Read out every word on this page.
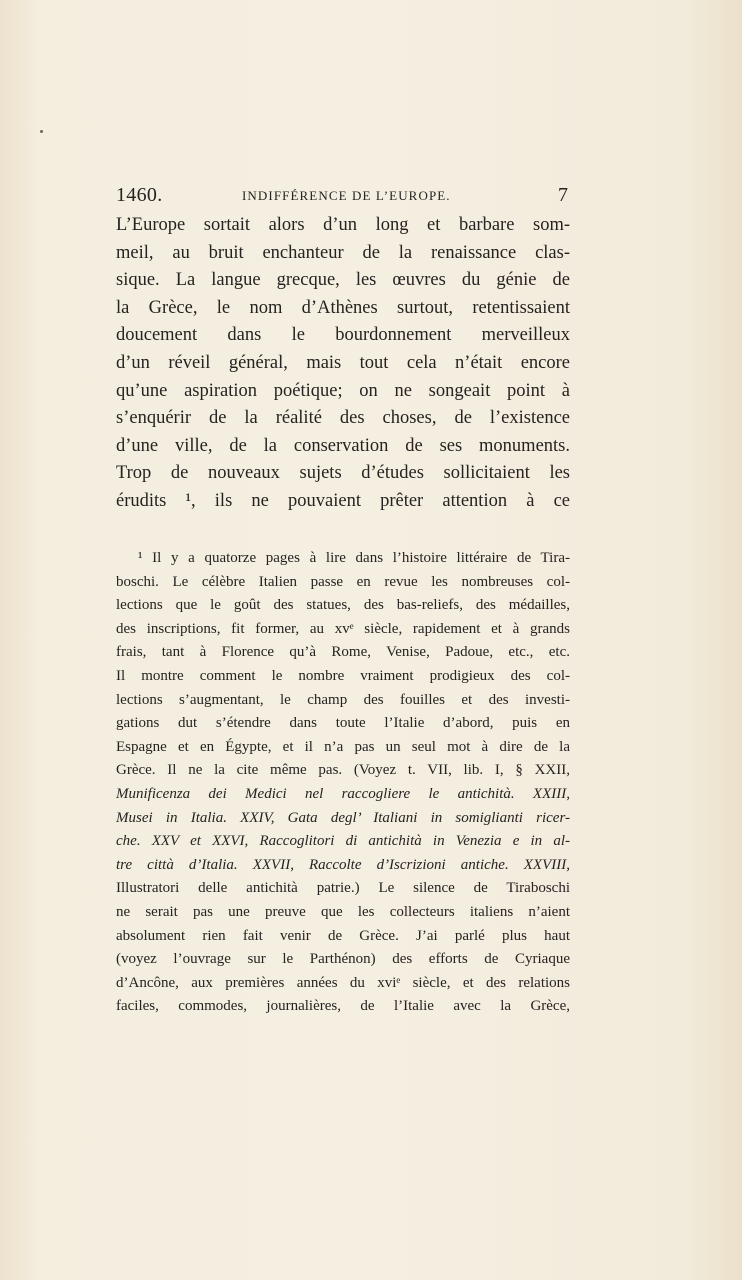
1460.	INDIFFÉRENCE DE L’EUROPE.	7
L’Europe sortait alors d’un long et barbare som-
meil, au bruit enchanteur de la renaissance clas-
sique. La langue grecque, les œuvres du génie de
la Grèce, le nom d’Athènes surtout, retentissaient
doucement dans le bourdonnement merveilleux
d’un réveil général, mais tout cela n’était encore
qu’une aspiration poétique; on ne songeait point à
s’enquérir de la réalité des choses, de l’existence
d’une ville, de la conservation de ses monuments.
Trop de nouveaux sujets d’études sollicitaient les
érudits ¹, ils ne pouvaient prêter attention à ce
¹ Il y a quatorze pages à lire dans l’histoire littéraire de Tira-
boschi. Le célèbre Italien passe en revue les nombreuses col-
lections que le goût des statues, des bas-reliefs, des médailles,
des inscriptions, fit former, au xvᵉ siècle, rapidement et à grands
frais, tant à Florence qu’à Rome, Venise, Padoue, etc., etc.
Il montre comment le nombre vraiment prodigieux des col-
lections s’augmentant, le champ des fouilles et des investi-
gations dut s’étendre dans toute l’Italie d’abord, puis en
Espagne et en Égypte, et il n’a pas un seul mot à dire de la
Grèce. Il ne la cite même pas. (Voyez t. VII, lib. I, § XXII,
Munificenza dei Medici nel raccogliere le antichità. XXIII,
Musei in Italia. XXIV, Gata degl’ Italiani in somiglianti ricer-
che. XXV et XXVI, Raccoglitori di antichità in Venezia e in al-
tre città d’Italia. XXVII, Raccolte d’Iscrizioni antiche. XXVIII,
Illustratori delle antichità patrie.) Le silence de Tiraboschi
ne serait pas une preuve que les collecteurs italiens n’aient
absolument rien fait venir de Grèce. J’ai parlé plus haut
(voyez l’ouvrage sur le Parthénon) des efforts de Cyriaque
d’Ancône, aux premières années du xviᵉ siècle, et des relations
faciles, commodes, journalières, de l’Italie avec la Grèce,
